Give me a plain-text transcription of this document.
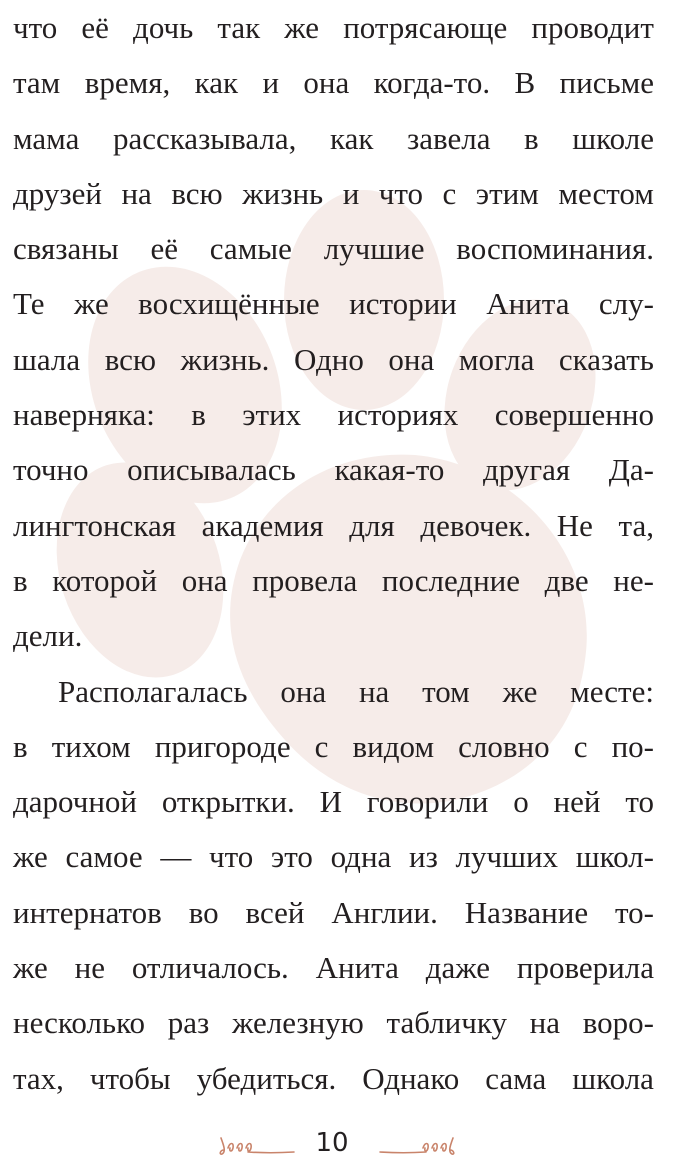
что её дочь так же потрясающе проводит
там время, как и она когда-то. В письме
мама рассказывала, как завела в школе
друзей на всю жизнь и что с этим местом
связаны её самые лучшие воспоминания.
Те же восхищённые истории Анита слу-
шала всю жизнь. Одно она могла сказать
наверняка: в этих историях совершенно
точно описывалась какая-то другая Да-
лингтонская академия для девочек. Не та,
в которой она провела последние две не-
дели.
Располагалась она на том же месте:
в тихом пригороде с видом словно с по-
дарочной открытки. И говорили о ней то
же самое — что это одна из лучших школ-
интернатов во всей Англии. Название то-
же не отличалось. Анита даже проверила
несколько раз железную табличку на воро-
тах, чтобы убедиться. Однако сама школа
10
